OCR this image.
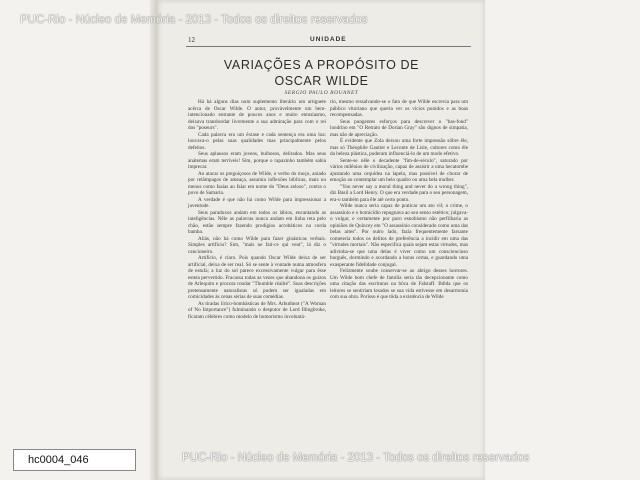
12	UNIDADE
VARIAÇÕES A PROPÓSITO DE
OSCAR WILDE
SERGIO PAULO ROUANET

Há há alguns dias num suplemento literário um artiguete acêrca de Oscar Wilde. O autor, provàvelmente um bem-intencionado entrante de poucos anos e muito entusiasmo, deixava transbordar livremente a sua admiração para com o rei dos "poseurs".

Cada palavra era um êxtase e cada sentença era uma loa: louvava-o pelas suas qualidades mas principalmente pelos defeitos.

Seus aplausos eram jovens, bulhosos, delirados. Mas seus anátemas eram terríveis! Sim, porque o rapazinho também sabia imprecar.

Ao atacar os preguiçosos de Wilde, o verbo do moço, aniado por relâmpagos de ameaça, assumia inflexões bíblicas, mais ou menos como Isaías ao falar em nome do "Deus zeloso", contra o povo de Samaria.

A verdade é que não há como Wilde para impressionar a juventude.

Seus paradoxos andam em todos os lábios, encantando as inteligências. Nêle as palavras nunca andam em linha reta pelo chão, estão sempre fazendo prodígios acrobáticos na corda bamba.

Aliás, não há como Wilde para fazer ginásticas verbais. Simples artifício? Sim, "mais ne fait-ce qui veut", lá diz o cancioneiro.

Artifício, é claro. Pois quando Oscar Wilde deixa de ser artificial, deixa de ser real. Só se sente à vontade numa atmosfera de estufa; a luz do sol parece excessivamente vulgar para êsse esteta pervertido. Fracassa todas as vezes que abandona os guizos de Arlequim e procura rondar "Thumble réalité". Suas descrições pretensamente naturalistas só podem ser igualadas em comicidades às cenas sérias de suas comédias.

As tiradas lírico-bombásticas de Mrs. Arbuthnot ("A Woman of No Importance") fulminando o desputor de Lord Illingbroke, ficaram célebres como modelo de humorismo involuntá-

rio, mesmo ressalvando-se o fato de que Wilde escrevia para um público vitoriano que queria ver os vícios punidos e as boas recompensadas.

Seus pungentes esforços para descrever o "bas-fond" londrino em "O Retrato de Dorian Gray" são dignos de simpatia, mas não de apreciação.

É evidente que Zola deixou uma forte impressão sôbre êle, mas só Théophile Gautier e Leconte de Lisle, cultores como êle da beleza plástica, puderam influenciá-lo de um modo efetivo.

Sente-se nêle o decadente "fim-de-século", saturado por vários milênios de civilização, capaz de assistir a uma hecatombe ajustando uma orquídea na lapela, mas possível de chorar de emoção ao contemplar um belo quadro ou uma bela mulher.

"You never say a moral thing and never do a wrong thing", diz Basil a Lord Henry. O que era verdade para o seu personagem, era-o também para êle até certo ponto.

Wilde nunca seria capaz de praticar um ato vil; o crime, o assassínio e o homicídio repugnava ao seu senso estético; julgava-o vulgar, e certamente por puro esnobismo não perfilharia as opiniões de Quincey em "O assassínio considerado como uma das belas artes". Por outro lado, fazia frequentemente farsante cometeria todos os delitos de preferência a incidir em uma das "virtudes mortais". Não especifica quais sejam estas virtudes, mas adivinha-se que uma delas é viver como um consciencioso burguês, dormindo e acordando a horas certas, e guardando uma exasperante fidelidade conjugal.

Felizmente soube conservar-se ao abrigo desses horrores. Um Wilde bom chefe de família seria tão decepcionante como uma citação das escrituras na bôca de Falstaff. Bdlda que os leitores se sentiriam lesados se sua vida estivesse em desarmonia com sua obra. Porisso é que tôda a existência de Wilde

PUC-Rio - Núcleo de Memória - 2013 - Todos os direitos reservados
PUC-Rio - Núcleo de Memória - 2013 - Todos os direitos reservados
hc0004_046
